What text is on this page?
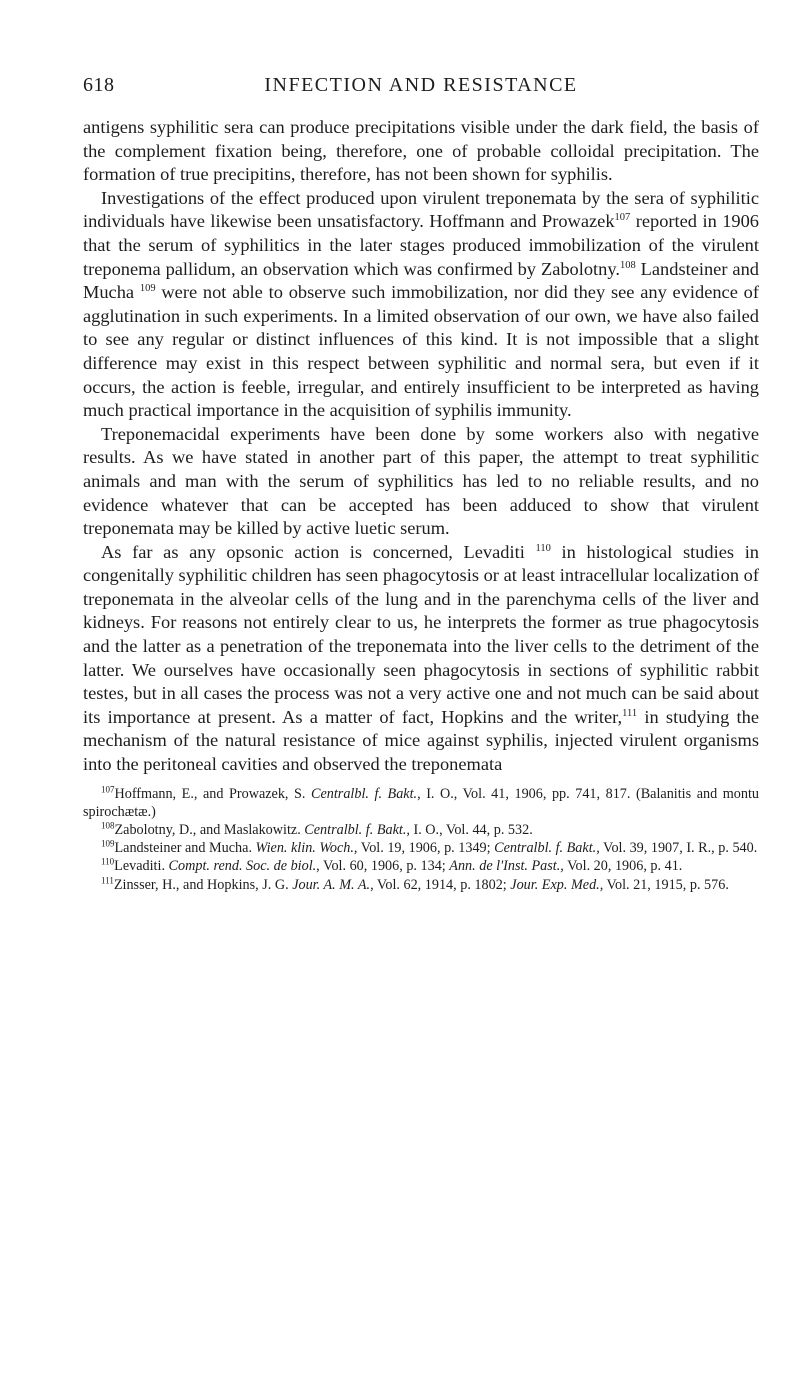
618	INFECTION AND RESISTANCE

antigens syphilitic sera can produce precipitations visible under the dark field, the basis of the complement fixation being, therefore, one of probable colloidal precipitation. The formation of true precipitins, therefore, has not been shown for syphilis.

Investigations of the effect produced upon virulent treponemata by the sera of syphilitic individuals have likewise been unsatisfactory. Hoffmann and Prowazek$^{107}$ reported in 1906 that the serum of syphilitics in the later stages produced immobilization of the virulent treponema pallidum, an observation which was confirmed by Zabolotny.$^{108}$ Landsteiner and Mucha $^{109}$ were not able to observe such immobilization, nor did they see any evidence of agglutination in such experiments. In a limited observation of our own, we have also failed to see any regular or distinct influences of this kind. It is not impossible that a slight difference may exist in this respect between syphilitic and normal sera, but even if it occurs, the action is feeble, irregular, and entirely insufficient to be interpreted as having much practical importance in the acquisition of syphilis immunity.

Treponemacidal experiments have been done by some workers also with negative results. As we have stated in another part of this paper, the attempt to treat syphilitic animals and man with the serum of syphilitics has led to no reliable results, and no evidence whatever that can be accepted has been adduced to show that virulent treponemata may be killed by active luetic serum.

As far as any opsonic action is concerned, Levaditi $^{110}$ in histological studies in congenitally syphilitic children has seen phagocytosis or at least intracellular localization of treponemata in the alveolar cells of the lung and in the parenchyma cells of the liver and kidneys. For reasons not entirely clear to us, he interprets the former as true phagocytosis and the latter as a penetration of the treponemata into the liver cells to the detriment of the latter. We ourselves have occasionally seen phagocytosis in sections of syphilitic rabbit testes, but in all cases the process was not a very active one and not much can be said about its importance at present. As a matter of fact, Hopkins and the writer,$^{111}$ in studying the mechanism of the natural resistance of mice against syphilis, injected virulent organisms into the peritoneal cavities and observed the treponemata

$^{107}$Hoffmann, E., and Prowazek, S. Centralbl. f. Bakt., I. O., Vol. 41, 1906, pp. 741, 817. (Balanitis and montu spirochætæ.)

$^{108}$Zabolotny, D., and Maslakowitz. Centralbl. f. Bakt., I. O., Vol. 44, p. 532.

$^{109}$Landsteiner and Mucha. Wien. klin. Woch., Vol. 19, 1906, p. 1349; Centralbl. f. Bakt., Vol. 39, 1907, I. R., p. 540.

$^{110}$Levaditi. Compt. rend. Soc. de biol., Vol. 60, 1906, p. 134; Ann. de l'Inst. Past., Vol. 20, 1906, p. 41.

$^{111}$Zinsser, H., and Hopkins, J. G. Jour. A. M. A., Vol. 62, 1914, p. 1802; Jour. Exp. Med., Vol. 21, 1915, p. 576.
